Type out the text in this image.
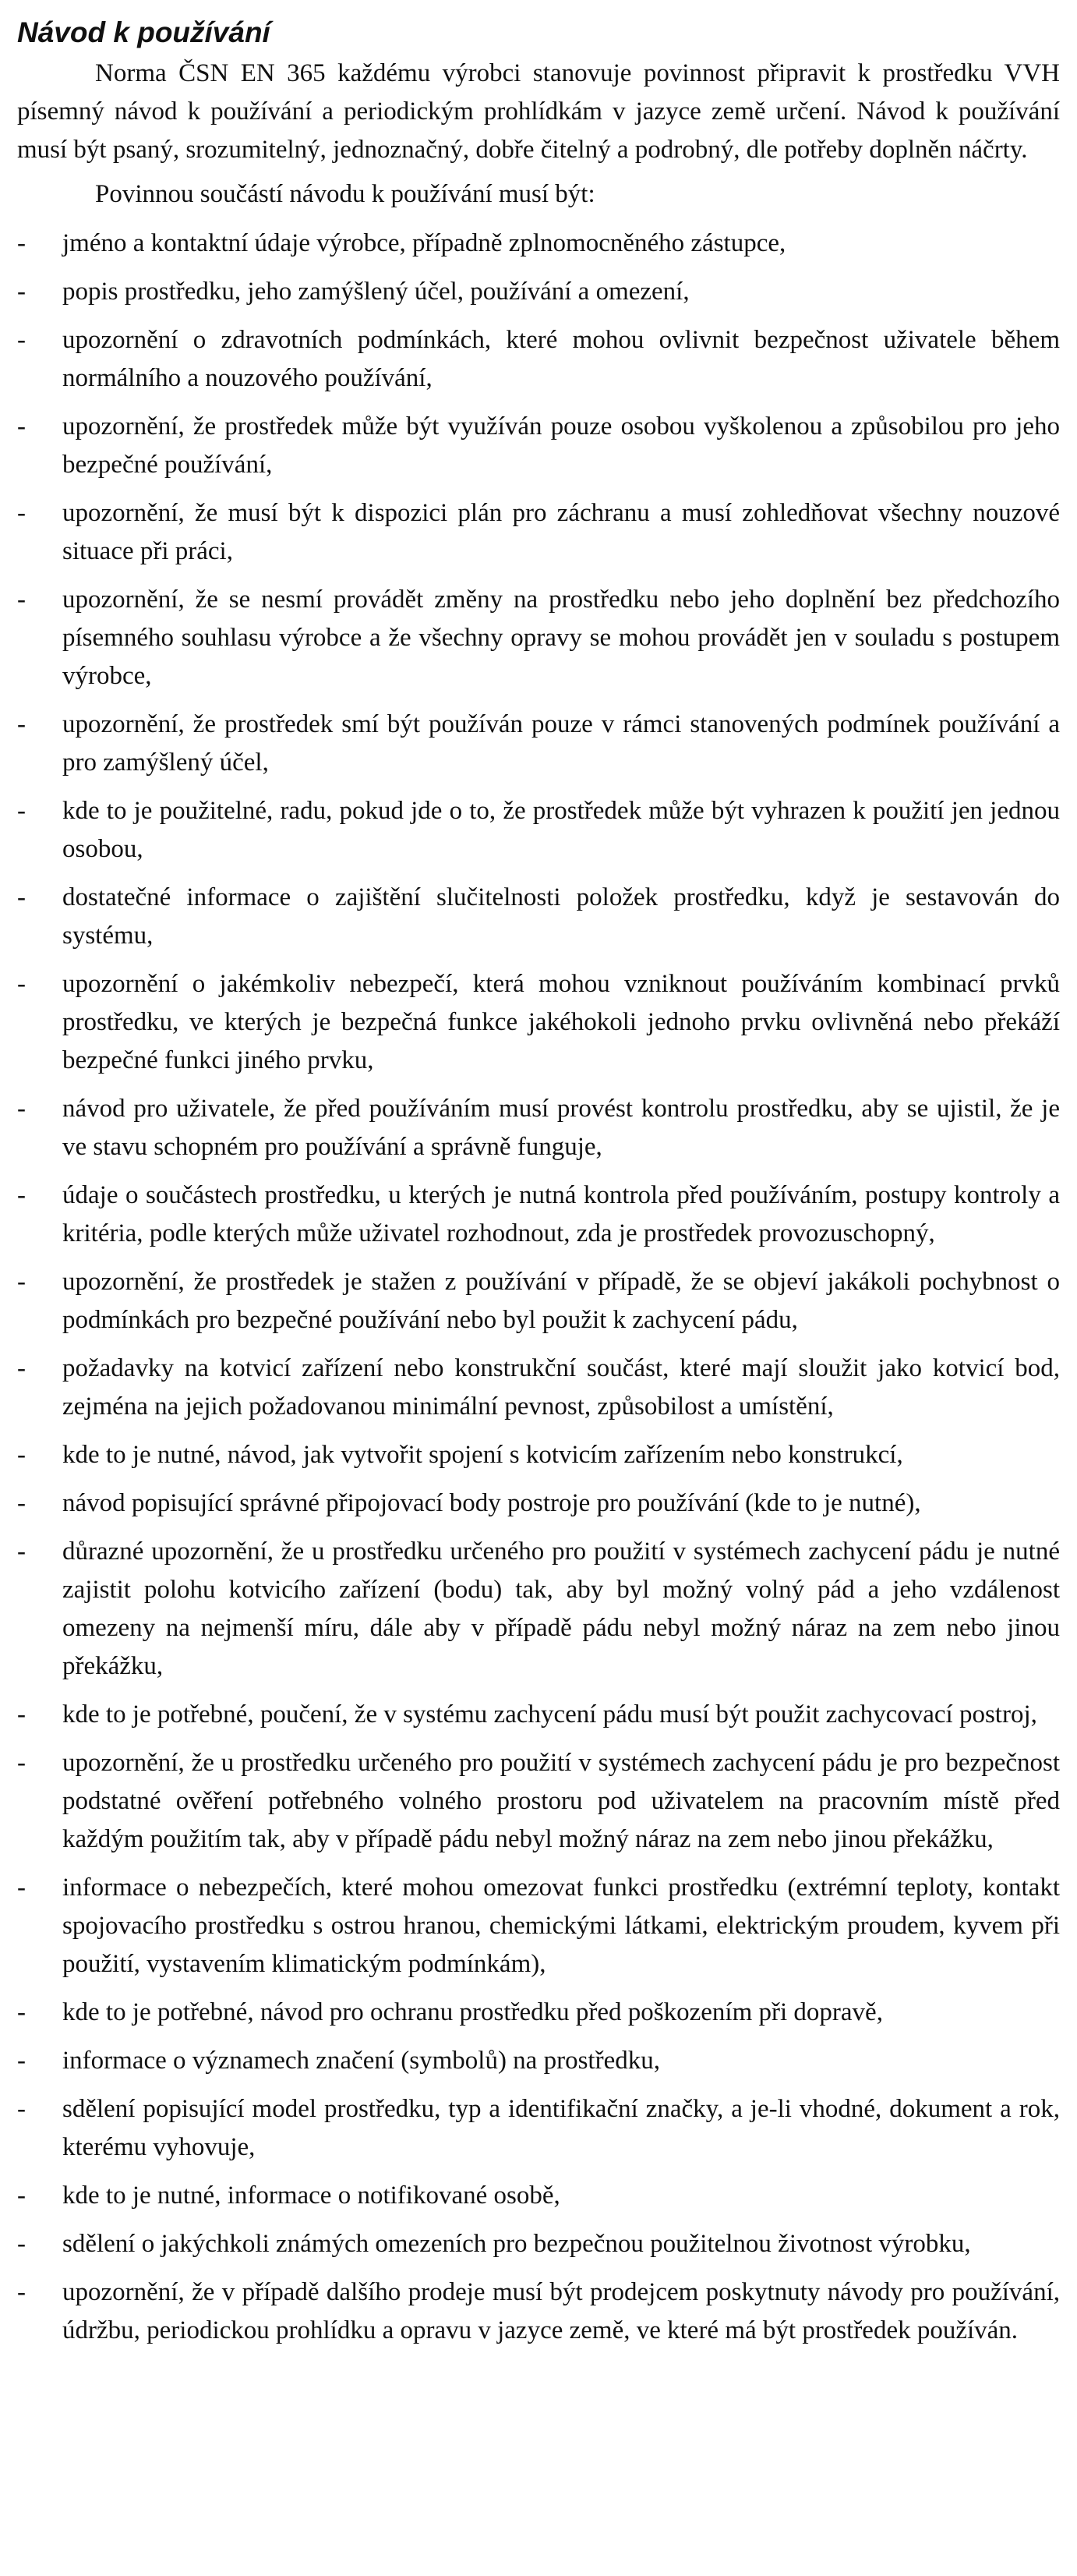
Návod k používání

Norma ČSN EN 365 každému výrobci stanovuje povinnost připravit k prostředku VVH písemný návod k používání a periodickým prohlídkám v jazyce země určení. Návod k používání musí být psaný, srozumitelný, jednoznačný, dobře čitelný a podrobný, dle potřeby doplněn náčrty.

Povinnou součástí návodu k používání musí být:

- jméno a kontaktní údaje výrobce, případně zplnomocněného zástupce,
- popis prostředku, jeho zamýšlený účel, používání a omezení,
- upozornění o zdravotních podmínkách, které mohou ovlivnit bezpečnost uživatele během normálního a nouzového používání,
- upozornění, že prostředek může být využíván pouze osobou vyškolenou a způsobilou pro jeho bezpečné používání,
- upozornění, že musí být k dispozici plán pro záchranu a musí zohledňovat všechny nouzové situace při práci,
- upozornění, že se nesmí provádět změny na prostředku nebo jeho doplnění bez předchozího písemného souhlasu výrobce a že všechny opravy se mohou provádět jen v souladu s postupem výrobce,
- upozornění, že prostředek smí být používán pouze v rámci stanovených podmínek používání a pro zamýšlený účel,
- kde to je použitelné, radu, pokud jde o to, že prostředek může být vyhrazen k použití jen jednou osobou,
- dostatečné informace o zajištění slučitelnosti položek prostředku, když je sestavován do systému,
- upozornění o jakémkoliv nebezpečí, která mohou vzniknout používáním kombinací prvků prostředku, ve kterých je bezpečná funkce jakéhokoli jednoho prvku ovlivněná nebo překáží bezpečné funkci jiného prvku,
- návod pro uživatele, že před používáním musí provést kontrolu prostředku, aby se ujistil, že je ve stavu schopném pro používání a správně funguje,
- údaje o součástech prostředku, u kterých je nutná kontrola před používáním, postupy kontroly a kritéria, podle kterých může uživatel rozhodnout, zda je prostředek provozuschopný,
- upozornění, že prostředek je stažen z používání v případě, že se objeví jakákoli pochybnost o podmínkách pro bezpečné používání nebo byl použit k zachycení pádu,
- požadavky na kotvicí zařízení nebo konstrukční součást, které mají sloužit jako kotvicí bod, zejména na jejich požadovanou minimální pevnost, způsobilost a umístění,
- kde to je nutné, návod, jak vytvořit spojení s kotvicím zařízením nebo konstrukcí,
- návod popisující správné připojovací body postroje pro používání (kde to je nutné),
- důrazné upozornění, že u prostředku určeného pro použití v systémech zachycení pádu je nutné zajistit polohu kotvicího zařízení (bodu) tak, aby byl možný volný pád a jeho vzdálenost omezeny na nejmenší míru, dále aby v případě pádu nebyl možný náraz na zem nebo jinou překážku,
- kde to je potřebné, poučení, že v systému zachycení pádu musí být použit zachycovací postroj,
- upozornění, že u prostředku určeného pro použití v systémech zachycení pádu je pro bezpečnost podstatné ověření potřebného volného prostoru pod uživatelem na pracovním místě před každým použitím tak, aby v případě pádu nebyl možný náraz na zem nebo jinou překážku,
- informace o nebezpečích, které mohou omezovat funkci prostředku (extrémní teploty, kontakt spojovacího prostředku s ostrou hranou, chemickými látkami, elektrickým proudem, kyvem při použití, vystavením klimatickým podmínkám),
- kde to je potřebné, návod pro ochranu prostředku před poškozením při dopravě,
- informace o významech značení (symbolů) na prostředku,
- sdělení popisující model prostředku, typ a identifikační značky, a je-li vhodné, dokument a rok, kterému vyhovuje,
- kde to je nutné, informace o notifikované osobě,
- sdělení o jakýchkoli známých omezeních pro bezpečnou použitelnou životnost výrobku,
- upozornění, že v případě dalšího prodeje musí být prodejcem poskytnuty návody pro používání, údržbu, periodickou prohlídku a opravu v jazyce země, ve které má být prostředek používán.
